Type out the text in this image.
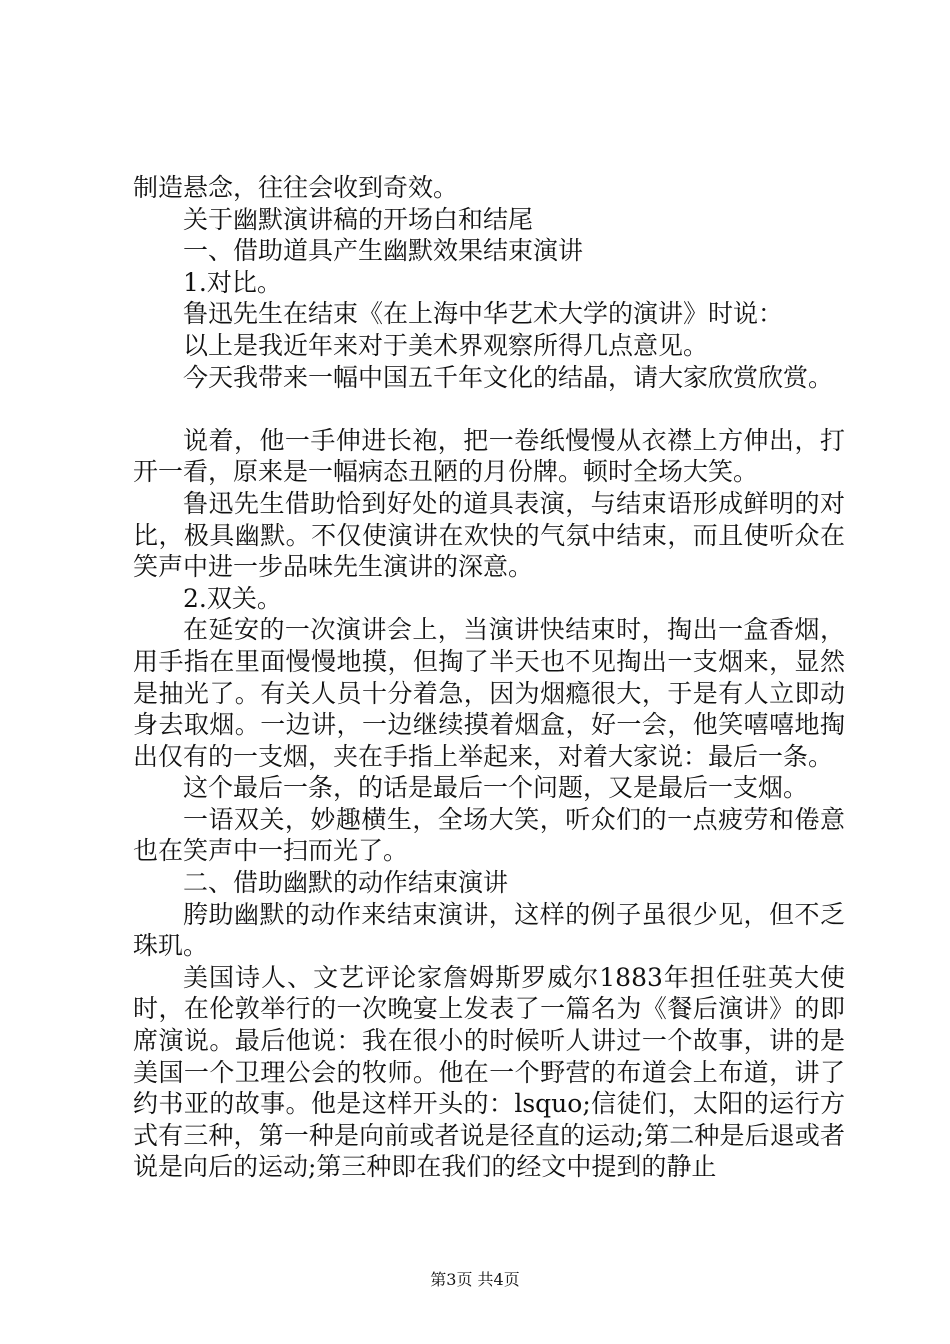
制造悬念，往往会收到奇效。

关于幽默演讲稿的开场白和结尾

一、借助道具产生幽默效果结束演讲

1.对比。

鲁迅先生在结束《在上海中华艺术大学的演讲》时说：

以上是我近年来对于美术界观察所得几点意见。

今天我带来一幅中国五千年文化的结晶，请大家欣赏欣赏。

说着，他一手伸进长袍，把一卷纸慢慢从衣襟上方伸出，打开一看，原来是一幅病态丑陋的月份牌。顿时全场大笑。

鲁迅先生借助恰到好处的道具表演，与结束语形成鲜明的对比，极具幽默。不仅使演讲在欢快的气氛中结束，而且使听众在笑声中进一步品味先生演讲的深意。

2.双关。

在延安的一次演讲会上，当演讲快结束时，掏出一盒香烟，用手指在里面慢慢地摸，但掏了半天也不见掏出一支烟来，显然是抽光了。有关人员十分着急，因为烟瘾很大，于是有人立即动身去取烟。一边讲，一边继续摸着烟盒，好一会，他笑嘻嘻地掏出仅有的一支烟，夹在手指上举起来，对着大家说：最后一条。

这个最后一条，的话是最后一个问题，又是最后一支烟。

一语双关，妙趣横生，全场大笑，听众们的一点疲劳和倦意也在笑声中一扫而光了。

二、借助幽默的动作结束演讲

胯助幽默的动作来结束演讲，这样的例子虽很少见，但不乏珠玑。

美国诗人、文艺评论家詹姆斯罗威尔1883年担任驻英大使时，在伦敦举行的一次晚宴上发表了一篇名为《餐后演讲》的即席演说。最后他说：我在很小的时候听人讲过一个故事，讲的是美国一个卫理公会的牧师。他在一个野营的布道会上布道，讲了约书亚的故事。他是这样开头的：lsquo;信徒们，太阳的运行方式有三种，第一种是向前或者说是径直的运动;第二种是后退或者说是向后的运动;第三种即在我们的经文中提到的静止

第3页 共4页
